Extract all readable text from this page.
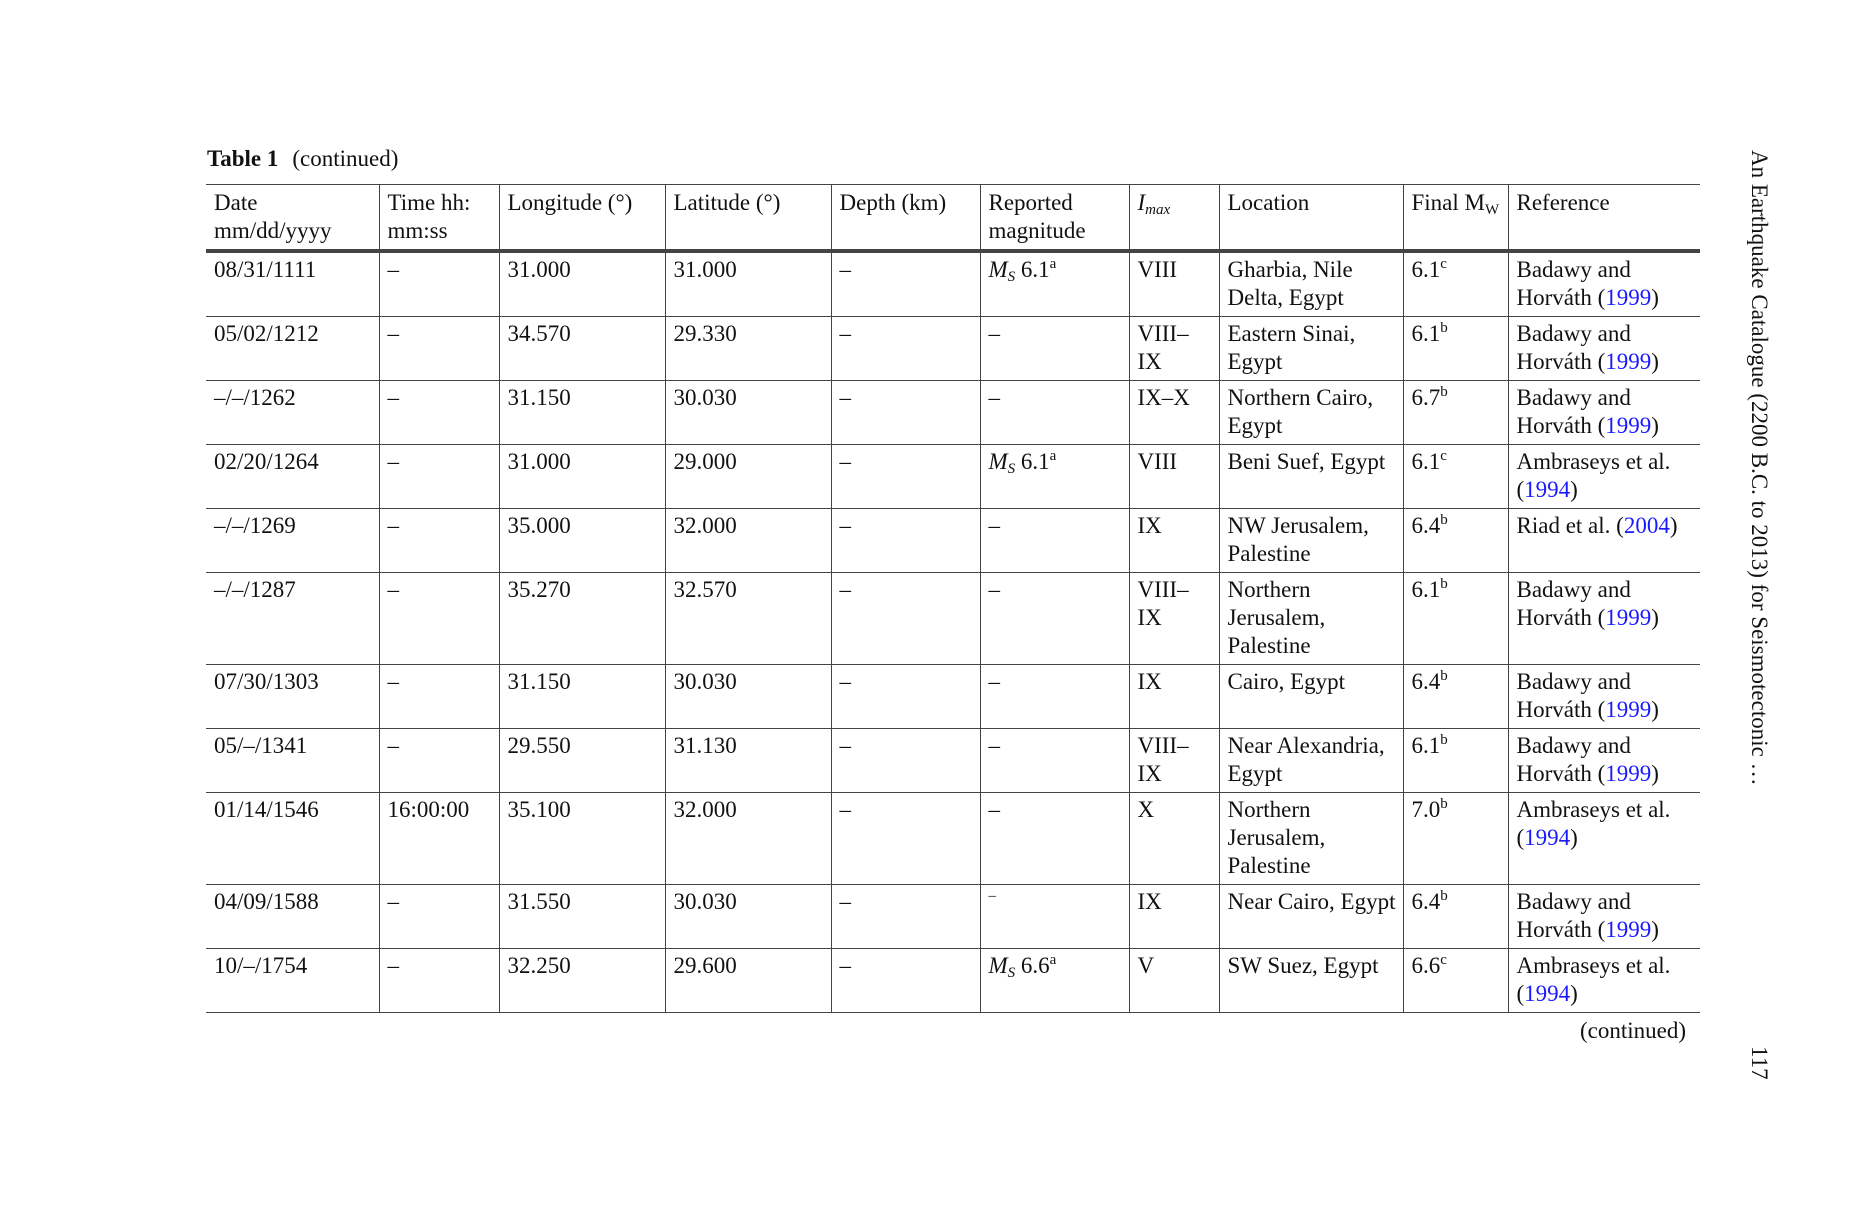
Table 1 (continued)
Date mm/dd/yyyy	Time hh: mm:ss	Longitude (°)	Latitude (°)	Depth (km)	Reported magnitude	$I_{max}$	Location	Final $M_W$	Reference
08/31/1111	–	31.000	31.000	–	$M_S$ 6.1$^a$	VIII	Gharbia, Nile Delta, Egypt	6.1$^c$	Badawy and Horváth (1999)
05/02/1212	–	34.570	29.330	–	–	VIII–IX	Eastern Sinai, Egypt	6.1$^b$	Badawy and Horváth (1999)
–/–/1262	–	31.150	30.030	–	–	IX–X	Northern Cairo, Egypt	6.7$^b$	Badawy and Horváth (1999)
02/20/1264	–	31.000	29.000	–	$M_S$ 6.1$^a$	VIII	Beni Suef, Egypt	6.1$^c$	Ambraseys et al. (1994)
–/–/1269	–	35.000	32.000	–	–	IX	NW Jerusalem, Palestine	6.4$^b$	Riad et al. (2004)
–/–/1287	–	35.270	32.570	–	–	VIII–IX	Northern Jerusalem, Palestine	6.1$^b$	Badawy and Horváth (1999)
07/30/1303	–	31.150	30.030	–	–	IX	Cairo, Egypt	6.4$^b$	Badawy and Horváth (1999)
05/–/1341	–	29.550	31.130	–	–	VIII–IX	Near Alexandria, Egypt	6.1$^b$	Badawy and Horváth (1999)
01/14/1546	16:00:00	35.100	32.000	–	–	X	Northern Jerusalem, Palestine	7.0$^b$	Ambraseys et al. (1994)
04/09/1588	–	31.550	30.030	–	–	IX	Near Cairo, Egypt	6.4$^b$	Badawy and Horváth (1999)
10/–/1754	–	32.250	29.600	–	$M_S$ 6.6$^a$	V	SW Suez, Egypt	6.6$^c$	Ambraseys et al. (1994)
(continued)
An Earthquake Catalogue (2200 B.C. to 2013) for Seismotectonic …
117
